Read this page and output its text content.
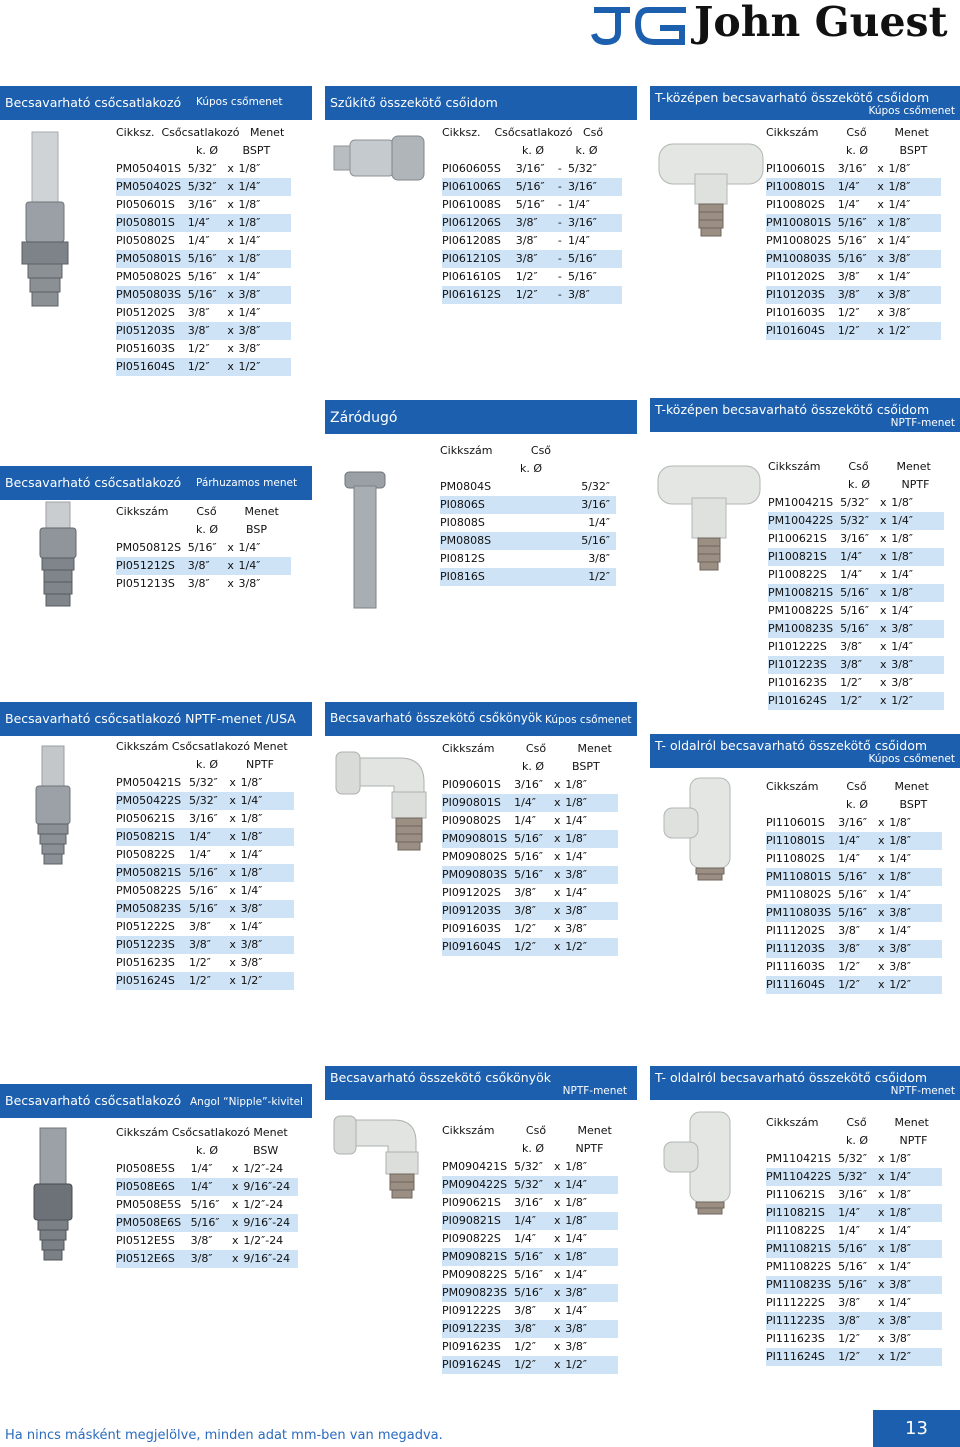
John Guest
Becsavarható csőcsatlakozó Kúpos csőmenet	Szűkítő összekötő csőidom	T-középen becsavarható összekötő csőidom
Kúpos csőmenet
Záródugó
T-középen becsavarható összekötő csőidom
NPTF-menet
Becsavarható csőcsatlakozó Párhuzamos menet
Becsavarható csőcsatlakozó NPTF-menet /USA	Becsavarható összekötő csőkönyök Kúpos csőmenet
T- oldalról becsavarható összekötő csőidom
Kúpos csőmenet
Becsavarható csőcsatlakozó Angol “Nipple”-kivitel
Becsavarható összekötő csőkönyök
NPTF-menet
T- oldalról becsavarható összekötő csőidom
NPTF-menet
Cikksz.  Csőcsatlakozó   Menet
k. Ø       BSPT
PM050401S 5/32″ x 1/8″
PM050402S 5/32″ x 1/4″
PI050601S	3/16″ x 1/8″
PI050801S	1/4″	x 1/8″
PI050802S	1/4″	x 1/4″
PM050801S 5/16″ x 1/8″
PM050802S 5/16″ x 1/4″
PM050803S 5/16″ x 3/8″
PI051202S	3/8″	x 1/4″
PI051203S	3/8″	x 3/8″
PI051603S	1/2″	x 3/8″
PI051604S	1/2″	x 1/2″
Cikksz.    Csőcsatlakozó   Cső
k. Ø         k. Ø
PI060605S	3/16″	- 5/32″
PI061006S	5/16″	- 3/16″
PI061008S	5/16″	- 1/4″
PI061206S	3/8″	- 3/16″
PI061208S	3/8″	- 1/4″
PI061210S	3/8″	- 5/16″
PI061610S	1/2″	- 5/16″
PI061612S	1/2″	- 3/8″
Cikkszám        Cső        Menet
k. Ø         BSPT
PI100601S	3/16″ x 1/8″
PI100801S	1/4″	x 1/8″
PI100802S	1/4″	x 1/4″
PM100801S 5/16″ x 1/8″
PM100802S 5/16″ x 1/4″
PM100803S 5/16″ x 3/8″
PI101202S	3/8″	x 1/4″
PI101203S	3/8″	x 3/8″
PI101603S	1/2″	x 3/8″
PI101604S	1/2″	x 1/2″
Cikkszám           Cső
k. Ø
PM0804S	5/32″
PI0806S	3/16″
PI0808S	1/4″
PM0808S	5/16″
PI0812S	3/8″
PI0816S	1/2″
Cikkszám        Cső        Menet
k. Ø         NPTF
PM100421S 5/32″	x 1/8″
PM100422S 5/32″	x 1/4″
PI100621S	3/16″	x 1/8″
PI100821S	1/4″	x 1/8″
PI100822S	1/4″	x 1/4″
PM100821S 5/16″	x 1/8″
PM100822S 5/16″	x 1/4″
PM100823S 5/16″	x 3/8″
PI101222S	3/8″	x 1/4″
PI101223S	3/8″	x 3/8″
PI101623S	1/2″	x 3/8″
PI101624S	1/2″	x 1/2″
Cikkszám        Cső        Menet
k. Ø        BSP
PM050812S 5/16″ x 1/4″
PI051212S	3/8″	x 1/4″
PI051213S	3/8″	x 3/8″
Cikkszám Csőcsatlakozó Menet
k. Ø        NPTF
PM050421S 5/32″	x 1/8″
PM050422S 5/32″	x 1/4″
PI050621S	3/16″	x 1/8″
PI050821S	1/4″	x 1/8″
PI050822S	1/4″	x 1/4″
PM050821S 5/16″	x 1/8″
PM050822S 5/16″	x 1/4″
PM050823S 5/16″	x 3/8″
PI051222S	3/8″	x 1/4″
PI051223S	3/8″	x 3/8″
PI051623S	1/2″	x 3/8″
PI051624S	1/2″	x 1/2″
Cikkszám         Cső         Menet
k. Ø        BSPT
PI090601S	3/16″	x 1/8″
PI090801S	1/4″	x 1/8″
PI090802S	1/4″	x 1/4″
PM090801S 5/16″	x 1/8″
PM090802S 5/16″	x 1/4″
PM090803S 5/16″	x 3/8″
PI091202S	3/8″	x 1/4″
PI091203S	3/8″	x 3/8″
PI091603S	1/2″	x 3/8″
PI091604S	1/2″	x 1/2″
Cikkszám        Cső        Menet
k. Ø         BSPT
PI110601S	3/16″	x 1/8″
PI110801S	1/4″	x 1/8″
PI110802S	1/4″	x 1/4″
PM110801S 5/16″	x 1/8″
PM110802S 5/16″	x 1/4″
PM110803S 5/16″	x 3/8″
PI111202S	3/8″	x 1/4″
PI111203S	3/8″	x 3/8″
PI111603S	1/2″	x 3/8″
PI111604S	1/2″	x 1/2″
Cikkszám Csőcsatlakozó Menet
k. Ø          BSW
PI0508E5S	1/4″	x 1/2″-24
PI0508E6S	1/4″	x 9/16″-24
PM0508E5S 5/16″	x 1/2″-24
PM0508E6S 5/16″	x 9/16″-24
PI0512E5S	3/8″	x 1/2″-24
PI0512E6S	3/8″	x 9/16″-24
Cikkszám         Cső         Menet
k. Ø         NPTF
PM090421S 5/32″	x 1/8″
PM090422S 5/32″	x 1/4″
PI090621S	3/16″	x 1/8″
PI090821S	1/4″	x 1/8″
PI090822S	1/4″	x 1/4″
PM090821S 5/16″	x 1/8″
PM090822S 5/16″	x 1/4″
PM090823S 5/16″	x 3/8″
PI091222S	3/8″	x 1/4″
PI091223S	3/8″	x 3/8″
PI091623S	1/2″	x 3/8″
PI091624S	1/2″	x 1/2″
Cikkszám        Cső        Menet
k. Ø         NPTF
PM110421S 5/32″	x 1/8″
PM110422S 5/32″	x 1/4″
PI110621S	3/16″	x 1/8″
PI110821S	1/4″	x 1/8″
PI110822S	1/4″	x 1/4″
PM110821S 5/16″	x 1/8″
PM110822S 5/16″	x 1/4″
PM110823S 5/16″	x 3/8″
PI111222S	3/8″	x 1/4″
PI111223S	3/8″	x 3/8″
PI111623S	1/2″	x 3/8″
PI111624S	1/2″	x 1/2″
Ha nincs másként megjelölve, minden adat mm-ben van megadva.	13
